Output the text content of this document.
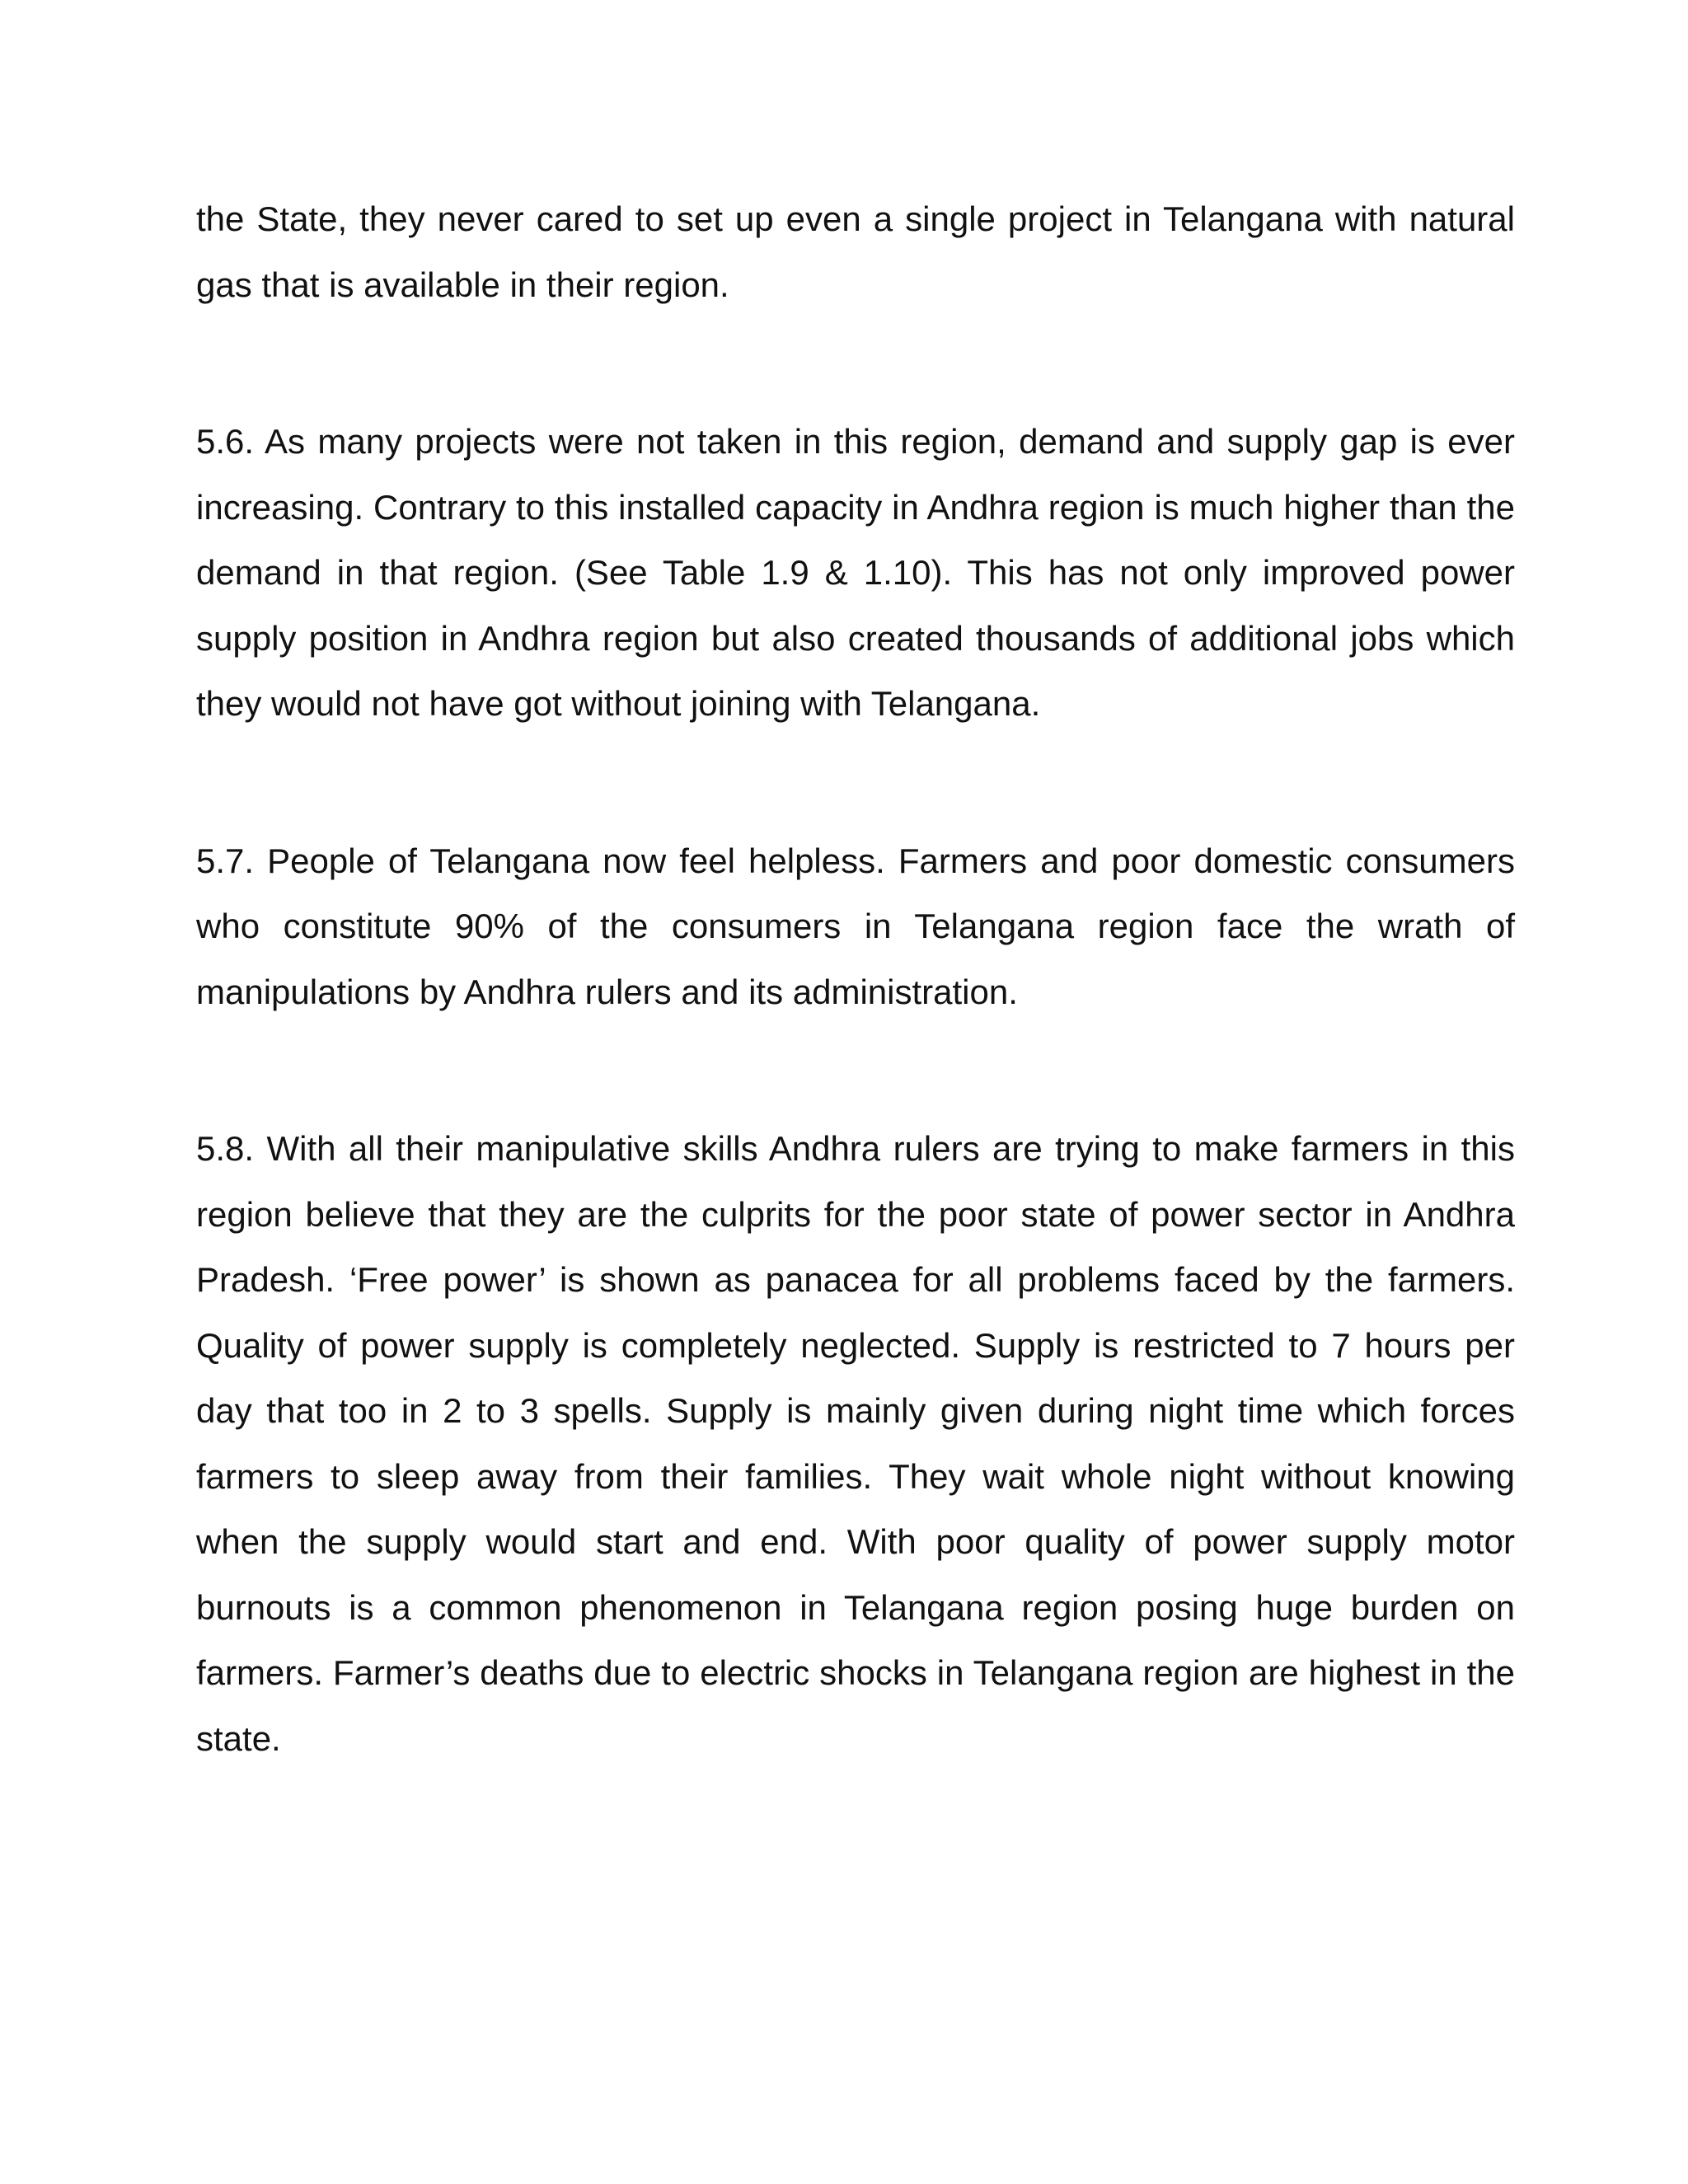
the State, they never cared to set up even a single project in Telangana with natural gas that is available in their region.

5.6. As many projects were not taken in this region, demand and supply gap is ever increasing. Contrary to this installed capacity in Andhra region is much higher than the demand in that region. (See Table 1.9 & 1.10). This has not only improved power supply position in Andhra region but also created thousands of additional jobs which they would not have got without joining with Telangana.

5.7. People of Telangana now feel helpless. Farmers and poor domestic consumers who constitute 90% of the consumers in Telangana region face the wrath of manipulations by Andhra rulers and its administration.

5.8. With all their manipulative skills Andhra rulers are trying to make farmers in this region believe that they are the culprits for the poor state of power sector in Andhra Pradesh. ‘Free power’ is shown as panacea for all problems faced by the farmers. Quality of power supply is completely neglected. Supply is restricted to 7 hours per day that too in 2 to 3 spells. Supply is mainly given during night time which forces farmers to sleep away from their families. They wait whole night without knowing when the supply would start and end. With poor quality of power supply motor burnouts is a common phenomenon in Telangana region posing huge burden on farmers. Farmer’s deaths due to electric shocks in Telangana region are highest in the state.
